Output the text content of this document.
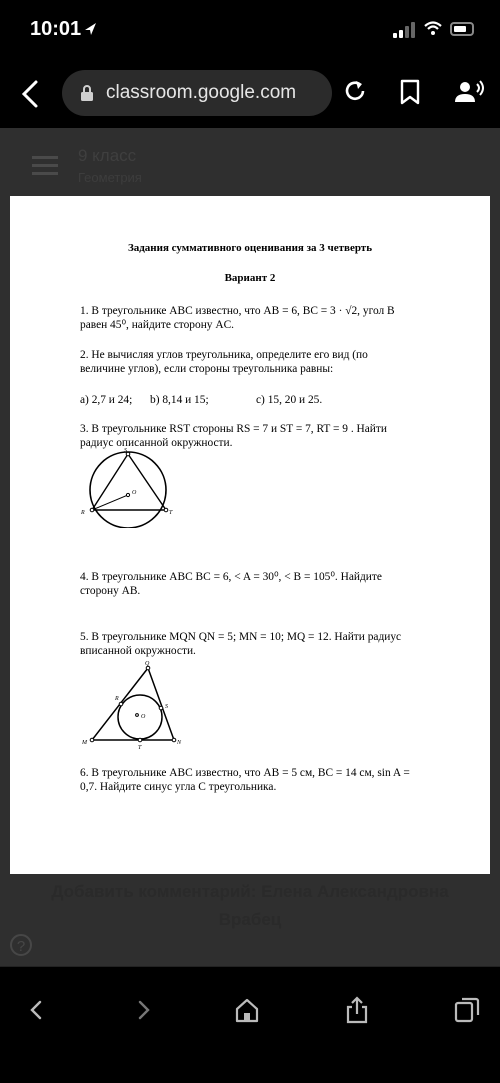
10:01
classroom.google.com
9 класс
Геометрия
Добавить комментарий: Елена Александровна
Врабец
?
Задания суммативного оценивания за 3 четверть
Вариант 2
1. В треугольнике АВС известно, что AB = 6, BC = 3 · √2, угол B
равен 45⁰, найдите сторону AC.
2. Не вычисляя углов треугольника, определите его вид (по
величине углов), если стороны треугольника равны:
a) 2,7 и 24; b) 8,14 и 15;	c) 15, 20 и 25.
3. В треугольнике RST стороны RS = 7 и ST = 7, RT = 9 . Найти
радиус описанной окружности.
S
R	T
O
4. В треугольнике ABC BC = 6, < A = 30⁰, < B = 105⁰. Найдите
сторону AB.
5. В треугольнике MQN QN = 5; MN = 10; MQ = 12. Найти радиус
вписанной окружности.
Q
R
S
M
T
N
O
6. В треугольнике ABC известно, что AB = 5 см, BC = 14 см, sin A =
0,7. Найдите синус угла C треугольника.
